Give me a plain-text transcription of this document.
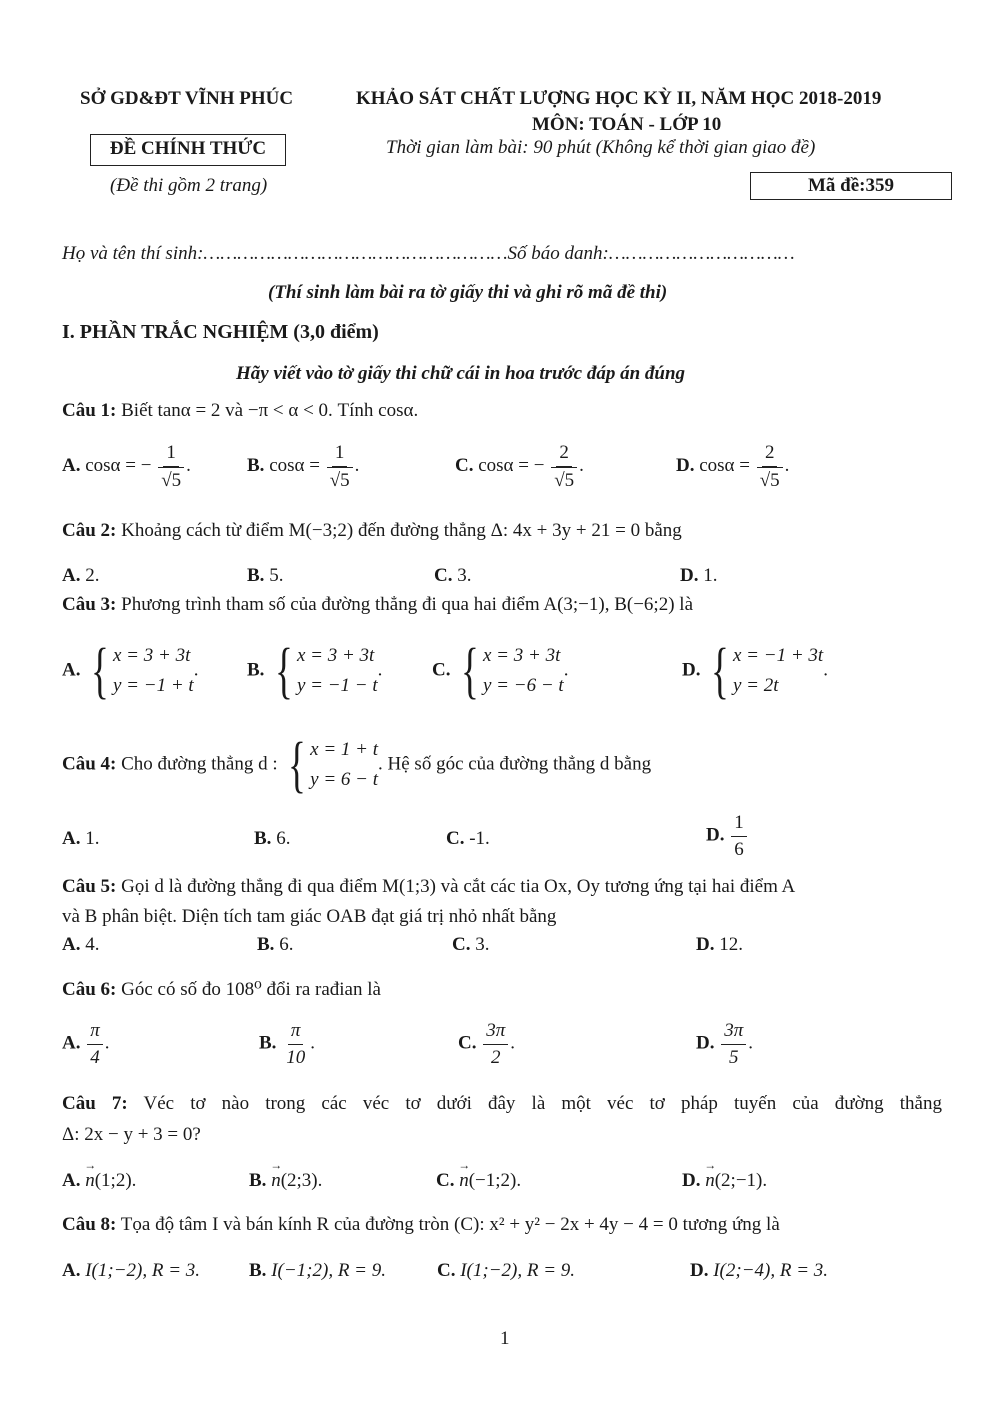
SỞ GD&ĐT VĨNH PHÚC	KHẢO SÁT CHẤT LƯỢNG HỌC KỲ II, NĂM HỌC 2018-2019
MÔN: TOÁN - LỚP 10
ĐỀ CHÍNH THỨC	Thời gian làm bài: 90 phút (Không kể thời gian giao đề)
(Đề thi gồm 2 trang)	Mã đề:359
Họ và tên thí sinh:………………………………………………Số báo danh:……………………………
(Thí sinh làm bài ra tờ giấy thi và ghi rõ mã đề thi)
I. PHẦN TRẮC NGHIỆM (3,0 điểm)
Hãy viết vào tờ giấy thi chữ cái in hoa trước đáp án đúng
Câu 1: Biết tanα = 2 và −π < α < 0. Tính cosα.
A. cosα = − $\frac{1}{√5}$ .	B. $\cos\alpha = \frac{1}{√5}$ .	C. cosα = − $\frac{2}{√5}$ .	D. $\cos\alpha = \frac{2}{√5}$ .
Câu 2: Khoảng cách từ điểm M(−3;2) đến đường thẳng Δ: 4x + 3y + 21 = 0 bằng
A. 2.	B. 5.	C. 3.	D. 1.
Câu 3: Phương trình tham số của đường thẳng đi qua hai điểm A(3;−1), B(−6;2) là
A. { x = 3 + 3t
y = −1 + t
.	B. { x = 3 + 3t
y = −1 − t
.	C. { x = 3 + 3t
y = −6 − t
.	D. { x = −1 + 3t
y = 2t
.
Câu 4: Cho đường thẳng d : { x = 1 + t
y = 6 − t
. Hệ số góc của đường thẳng d bằng
A. 1.	B. 6.	C. -1.	D. $\frac{1}{6}$
Câu 5: Gọi d là đường thẳng đi qua điểm M(1;3) và cắt các tia Ox, Oy tương ứng tại hai điểm A
và B phân biệt. Diện tích tam giác OAB đạt giá trị nhỏ nhất bằng
A. 4.	B. 6.	C. 3.	D. 12.
Câu 6: Góc có số đo 108⁰ đổi ra rađian là
A. $\frac{\pi}{4}$ .	B. $\frac{\pi}{10}$ .	C. $\frac{3\pi}{2}$ .	D. $\frac{3\pi}{5}$ .
Câu 7: Véc tơ nào trong các véc tơ dưới đây là một véc tơ pháp tuyến của đường thẳng
Δ: 2x − y + 3 = 0?
A. → n(1;2).	B. → n(2;3).	C. → n(−1;2).	D. → n(2;−1).
Câu 8: Tọa độ tâm I và bán kính R của đường tròn (C): x² + y² − 2x + 4y − 4 = 0 tương ứng là
A. I(1;−2), R = 3.	B. I(−1;2), R = 9.	C. I(1;−2), R = 9.	D. I(2;−4), R = 3.
1
